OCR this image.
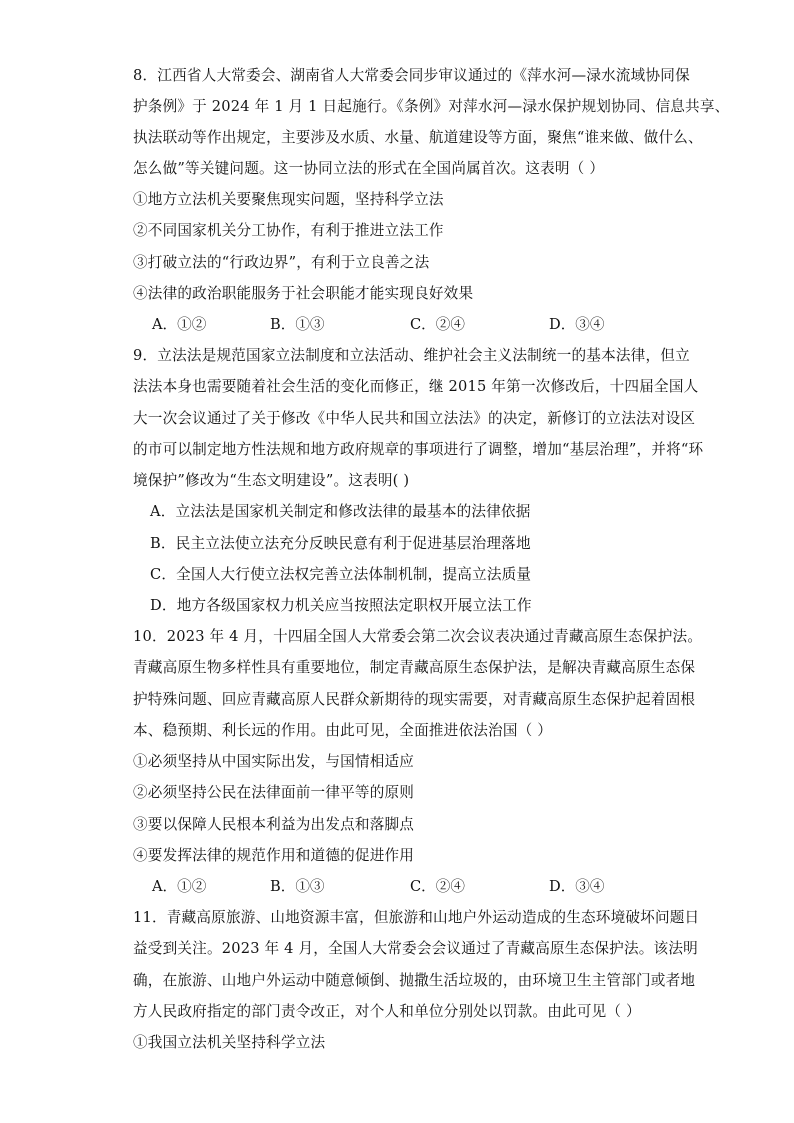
8．江西省人大常委会、湖南省人大常委会同步审议通过的《萍水河—渌水流域协同保
护条例》于 2024 年 1 月 1 日起施行。《条例》对萍水河—渌水保护规划协同、信息共享、
执法联动等作出规定，主要涉及水质、水量、航道建设等方面，聚焦“谁来做、做什么、
怎么做”等关键问题。这一协同立法的形式在全国尚属首次。这表明（ ）
①地方立法机关要聚焦现实问题，坚持科学立法
②不同国家机关分工协作，有利于推进立法工作
③打破立法的“行政边界”，有利于立良善之法
④法律的政治职能服务于社会职能才能实现良好效果
A．①②	B．①③	C．②④	D．③④
9．立法法是规范国家立法制度和立法活动、维护社会主义法制统一的基本法律，但立
法法本身也需要随着社会生活的变化而修正，继 2015 年第一次修改后，十四届全国人
大一次会议通过了关于修改《中华人民共和国立法法》的决定，新修订的立法法对设区
的市可以制定地方性法规和地方政府规章的事项进行了调整，增加“基层治理”，并将“环
境保护”修改为“生态文明建设”。这表明( )
A．立法法是国家机关制定和修改法律的最基本的法律依据
B．民主立法使立法充分反映民意有利于促进基层治理落地
C．全国人大行使立法权完善立法体制机制，提高立法质量
D．地方各级国家权力机关应当按照法定职权开展立法工作
10．2023 年 4 月，十四届全国人大常委会第二次会议表决通过青藏高原生态保护法。
青藏高原生物多样性具有重要地位，制定青藏高原生态保护法，是解决青藏高原生态保
护特殊问题、回应青藏高原人民群众新期待的现实需要，对青藏高原生态保护起着固根
本、稳预期、利长远的作用。由此可见，全面推进依法治国（ ）
①必须坚持从中国实际出发，与国情相适应
②必须坚持公民在法律面前一律平等的原则
③要以保障人民根本利益为出发点和落脚点
④要发挥法律的规范作用和道德的促进作用
A．①②	B．①③	C．②④	D．③④
11．青藏高原旅游、山地资源丰富，但旅游和山地户外运动造成的生态环境破坏问题日
益受到关注。2023 年 4 月，全国人大常委会会议通过了青藏高原生态保护法。该法明
确，在旅游、山地户外运动中随意倾倒、抛撒生活垃圾的，由环境卫生主管部门或者地
方人民政府指定的部门责令改正，对个人和单位分别处以罚款。由此可见（ ）
①我国立法机关坚持科学立法
